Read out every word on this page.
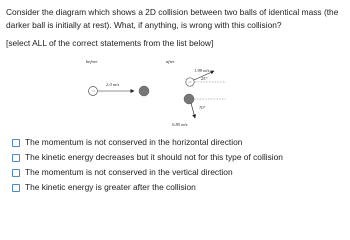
Consider the diagram which shows a 2D collision between two balls of identical mass (the darker ball is initially at rest). What, if anything, is wrong with this collision?

[select ALL of the correct statements from the list below]

before	after
2.0 m/s
1.99 m/s
25°
70°
0.85 m/s
The momentum is not conserved in the horizontal direction
The kinetic energy decreases but it should not for this type of collision
The momentum is not conserved in the vertical direction
The kinetic energy is greater after the collision
